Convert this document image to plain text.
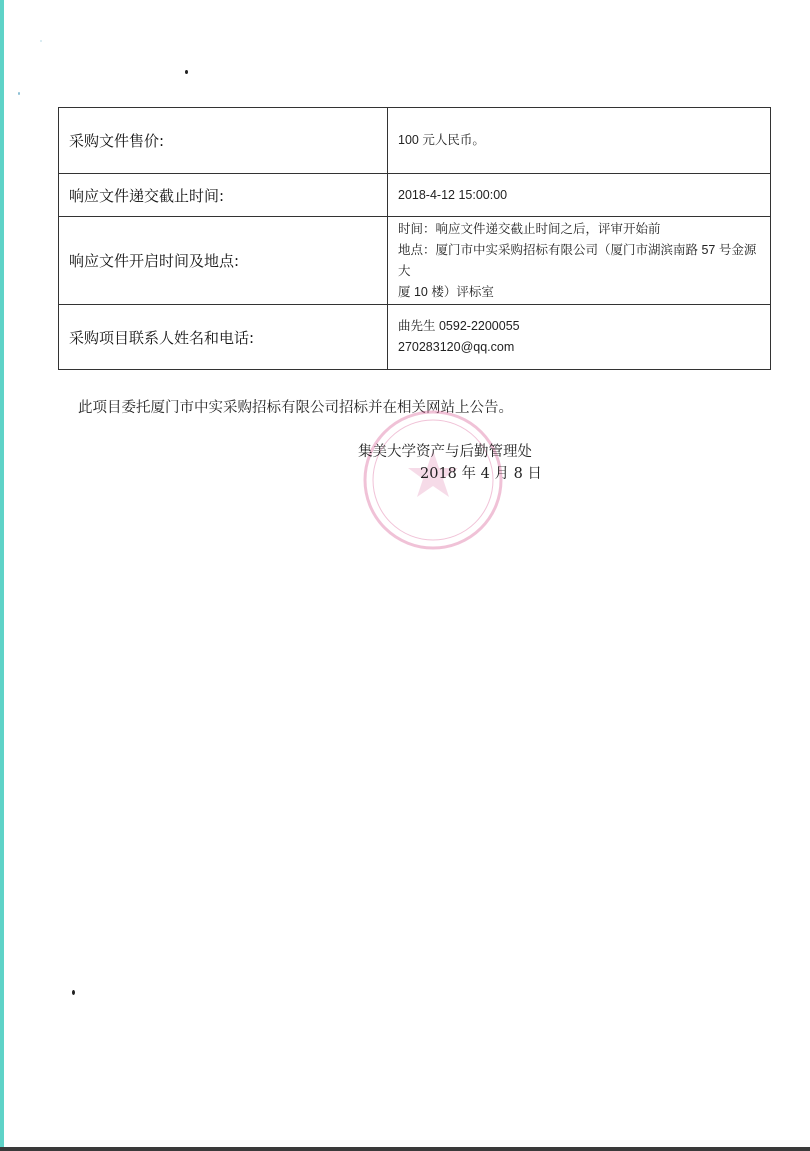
采购文件售价:	100 元人民币。

响应文件递交截止时间:	2018-4-12 15:00:00

响应文件开启时间及地点:	时间：响应文件递交截止时间之后，评审开始前
地点：厦门市中实采购招标有限公司（厦门市湖滨南路 57 号金源大
厦 10 楼）评标室

采购项目联系人姓名和电话:	曲先生 0592-2200055
270283120@qq.com
此项目委托厦门市中实采购招标有限公司招标并在相关网站上公告。
集美大学资产与后勤管理处
2018 年 4 月 8 日
